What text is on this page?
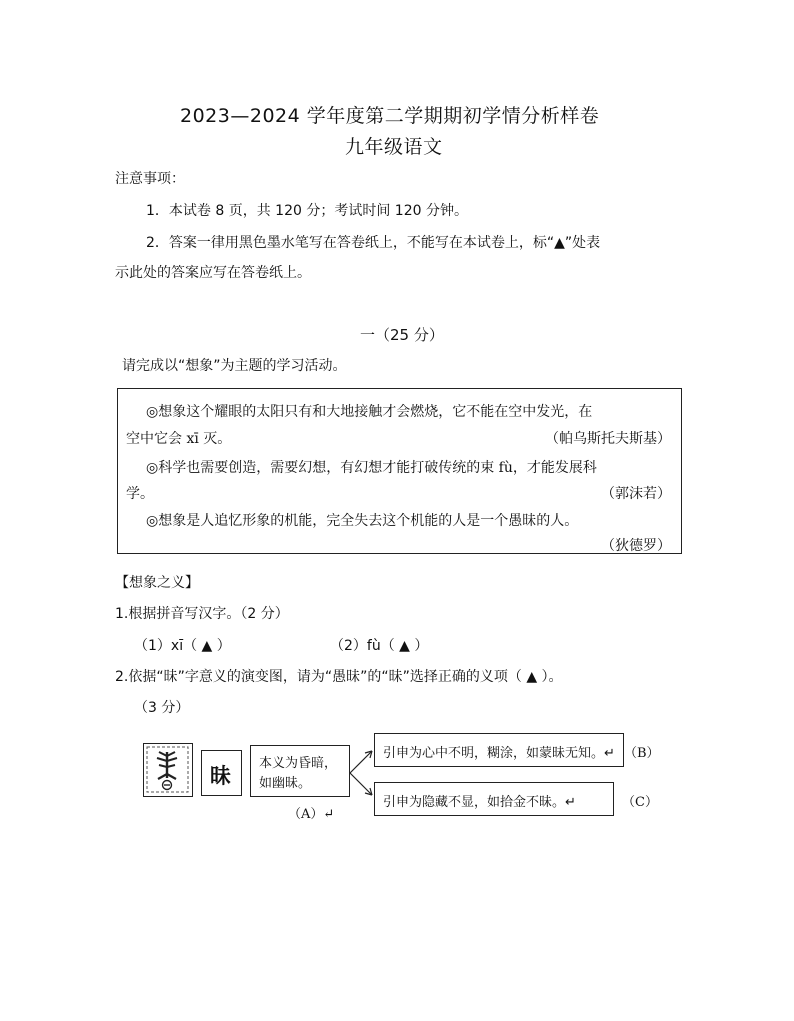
2023—2024 学年度第二学期期初学情分析样卷
九年级语文
注意事项：
1．本试卷 8 页，共 120 分；考试时间 120 分钟。
2．答案一律用黑色墨水笔写在答卷纸上，不能写在本试卷上，标“▲”处表
示此处的答案应写在答卷纸上。
一（25 分）
请完成以“想象”为主题的学习活动。
◎想象这个耀眼的太阳只有和大地接触才会燃烧，它不能在空中发光，在
空中它会 xī 灭。	（帕乌斯托夫斯基）
◎科学也需要创造，需要幻想，有幻想才能打破传统的束 fù，才能发展科
学。	（郭沫若）
◎想象是人追忆形象的机能，完全失去这个机能的人是一个愚昧的人。
（狄德罗）
【想象之义】
1.根据拼音写汉字。（2 分）
（1）xī（ ▲ ）	（2）fù（ ▲ ）
2.依据“昧”字意义的演变图，请为“愚昧”的“昧”选择正确的义项（ ▲ ）。
（3 分）
昧
本义为昏暗，
如幽昧。
（A）↵
引申为心中不明，糊涂，如蒙昧无知。↵ （B）
引申为隐藏不显，如拾金不昧。↵	（C）
